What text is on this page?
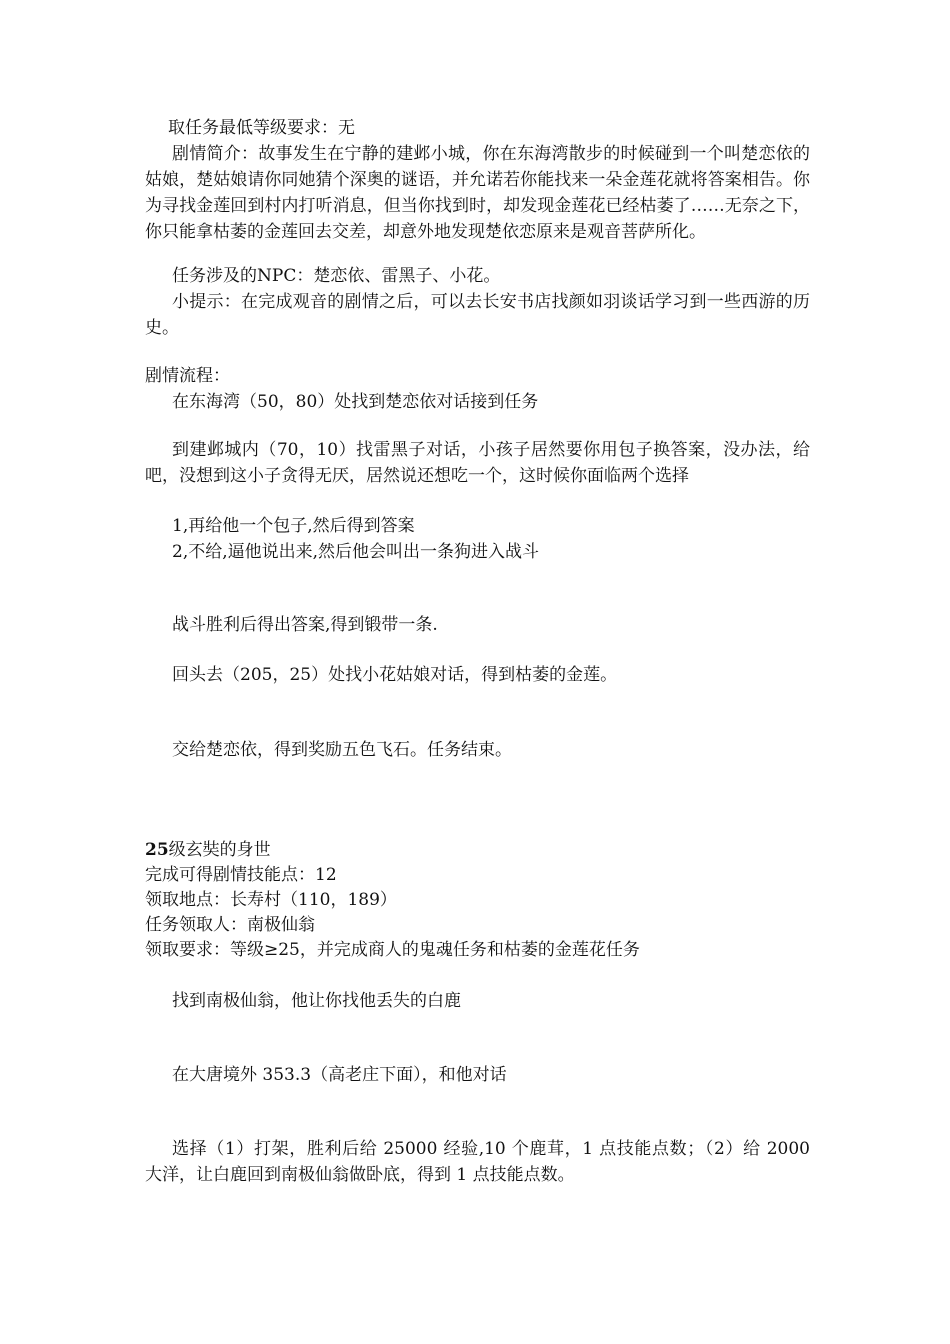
取任务最低等级要求：无
剧情简介：故事发生在宁静的建邺小城，你在东海湾散步的时候碰到一个叫楚恋依的姑娘，楚姑娘请你同她猜个深奥的谜语，并允诺若你能找来一朵金莲花就将答案相告。你为寻找金莲回到村内打听消息，但当你找到时，却发现金莲花已经枯萎了……无奈之下，你只能拿枯萎的金莲回去交差，却意外地发现楚依恋原来是观音菩萨所化。
任务涉及的NPC：楚恋依、雷黑子、小花。
小提示：在完成观音的剧情之后，可以去长安书店找颜如羽谈话学习到一些西游的历史。
剧情流程：
在东海湾（50，80）处找到楚恋依对话接到任务
到建邺城内（70，10）找雷黑子对话，小孩子居然要你用包子换答案，没办法，给吧，没想到这小子贪得无厌，居然说还想吃一个，这时候你面临两个选择
1,再给他一个包子,然后得到答案
2,不给,逼他说出来,然后他会叫出一条狗进入战斗
战斗胜利后得出答案,得到锻带一条.
回头去（205，25）处找小花姑娘对话，得到枯萎的金莲。
交给楚恋依，得到奖励五色飞石。任务结束。
25级玄奘的身世
完成可得剧情技能点：12
领取地点：长寿村（110，189）
任务领取人：南极仙翁
领取要求：等级≥25，并完成商人的鬼魂任务和枯萎的金莲花任务
找到南极仙翁，他让你找他丢失的白鹿
在大唐境外 353.3（高老庄下面），和他对话
选择（1）打架，胜利后给 25000 经验,10 个鹿茸，1 点技能点数；（2）给 2000 大洋，让白鹿回到南极仙翁做卧底，得到 1 点技能点数。
